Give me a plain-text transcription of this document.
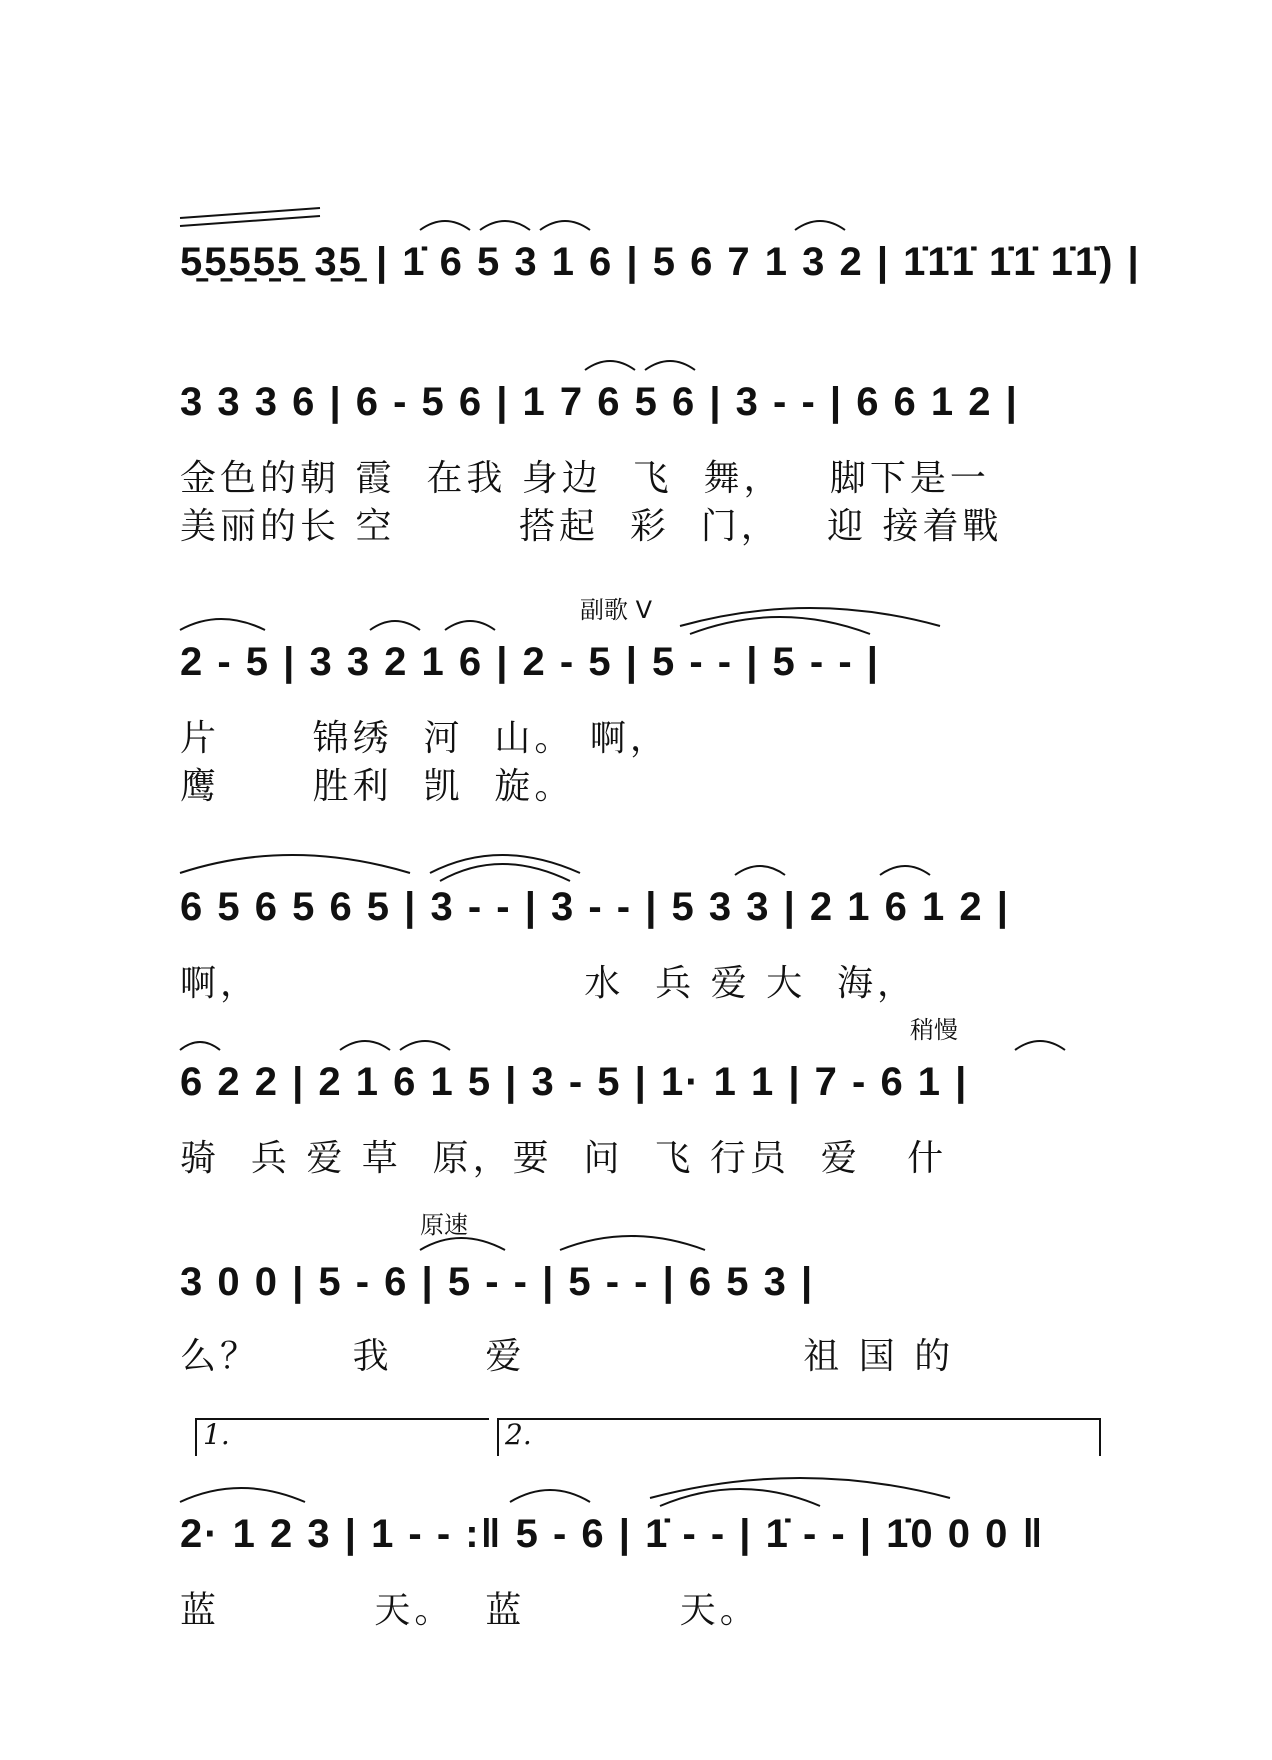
5̱5̱5̱5̱5̱ 3̱5̱ | 1̇ 6 5 3 1 6 | 5 6 7 1 3 2 | 1̇1̇1̇ 1̇1̇ 1̇1̇) |
3 3 3 6 | 6 - 5 6 | 1 7 6 5 6 | 3 - - | 6 6 1 2 |
金色的朝 霞  在我 身边  飞  舞，   脚下是一
美丽的长 空        搭起  彩  门，   迎 接着戰
副歌 V
2 - 5 | 3 3 2 1 6 | 2 - 5 | 5 - - | 5 - - |
片      锦绣  河  山。 啊，
鹰      胜利  凯  旋。
6 5 6 5 6 5 | 3 - - | 3 - - | 5 3 3 | 2 1 6 1 2 |
啊，                     水  兵 爱 大  海，
稍慢
6 2 2 | 2 1 6 1 5 | 3 - 5 | 1· 1 1 | 7 - 6 1 |
骑  兵 爱 草  原，要  问  飞 行员  爱   什
原速
3 0 0 | 5 - 6 | 5 - - | 5 - - | 6 5 3 |
么？      我      爱                  祖 国 的
1.	2.
2· 1 2 3 | 1 - - :‖ 5 - 6 | 1̇ - - | 1̇ - - | 1̇0 0 0 ‖
蓝          天。  蓝          天。
